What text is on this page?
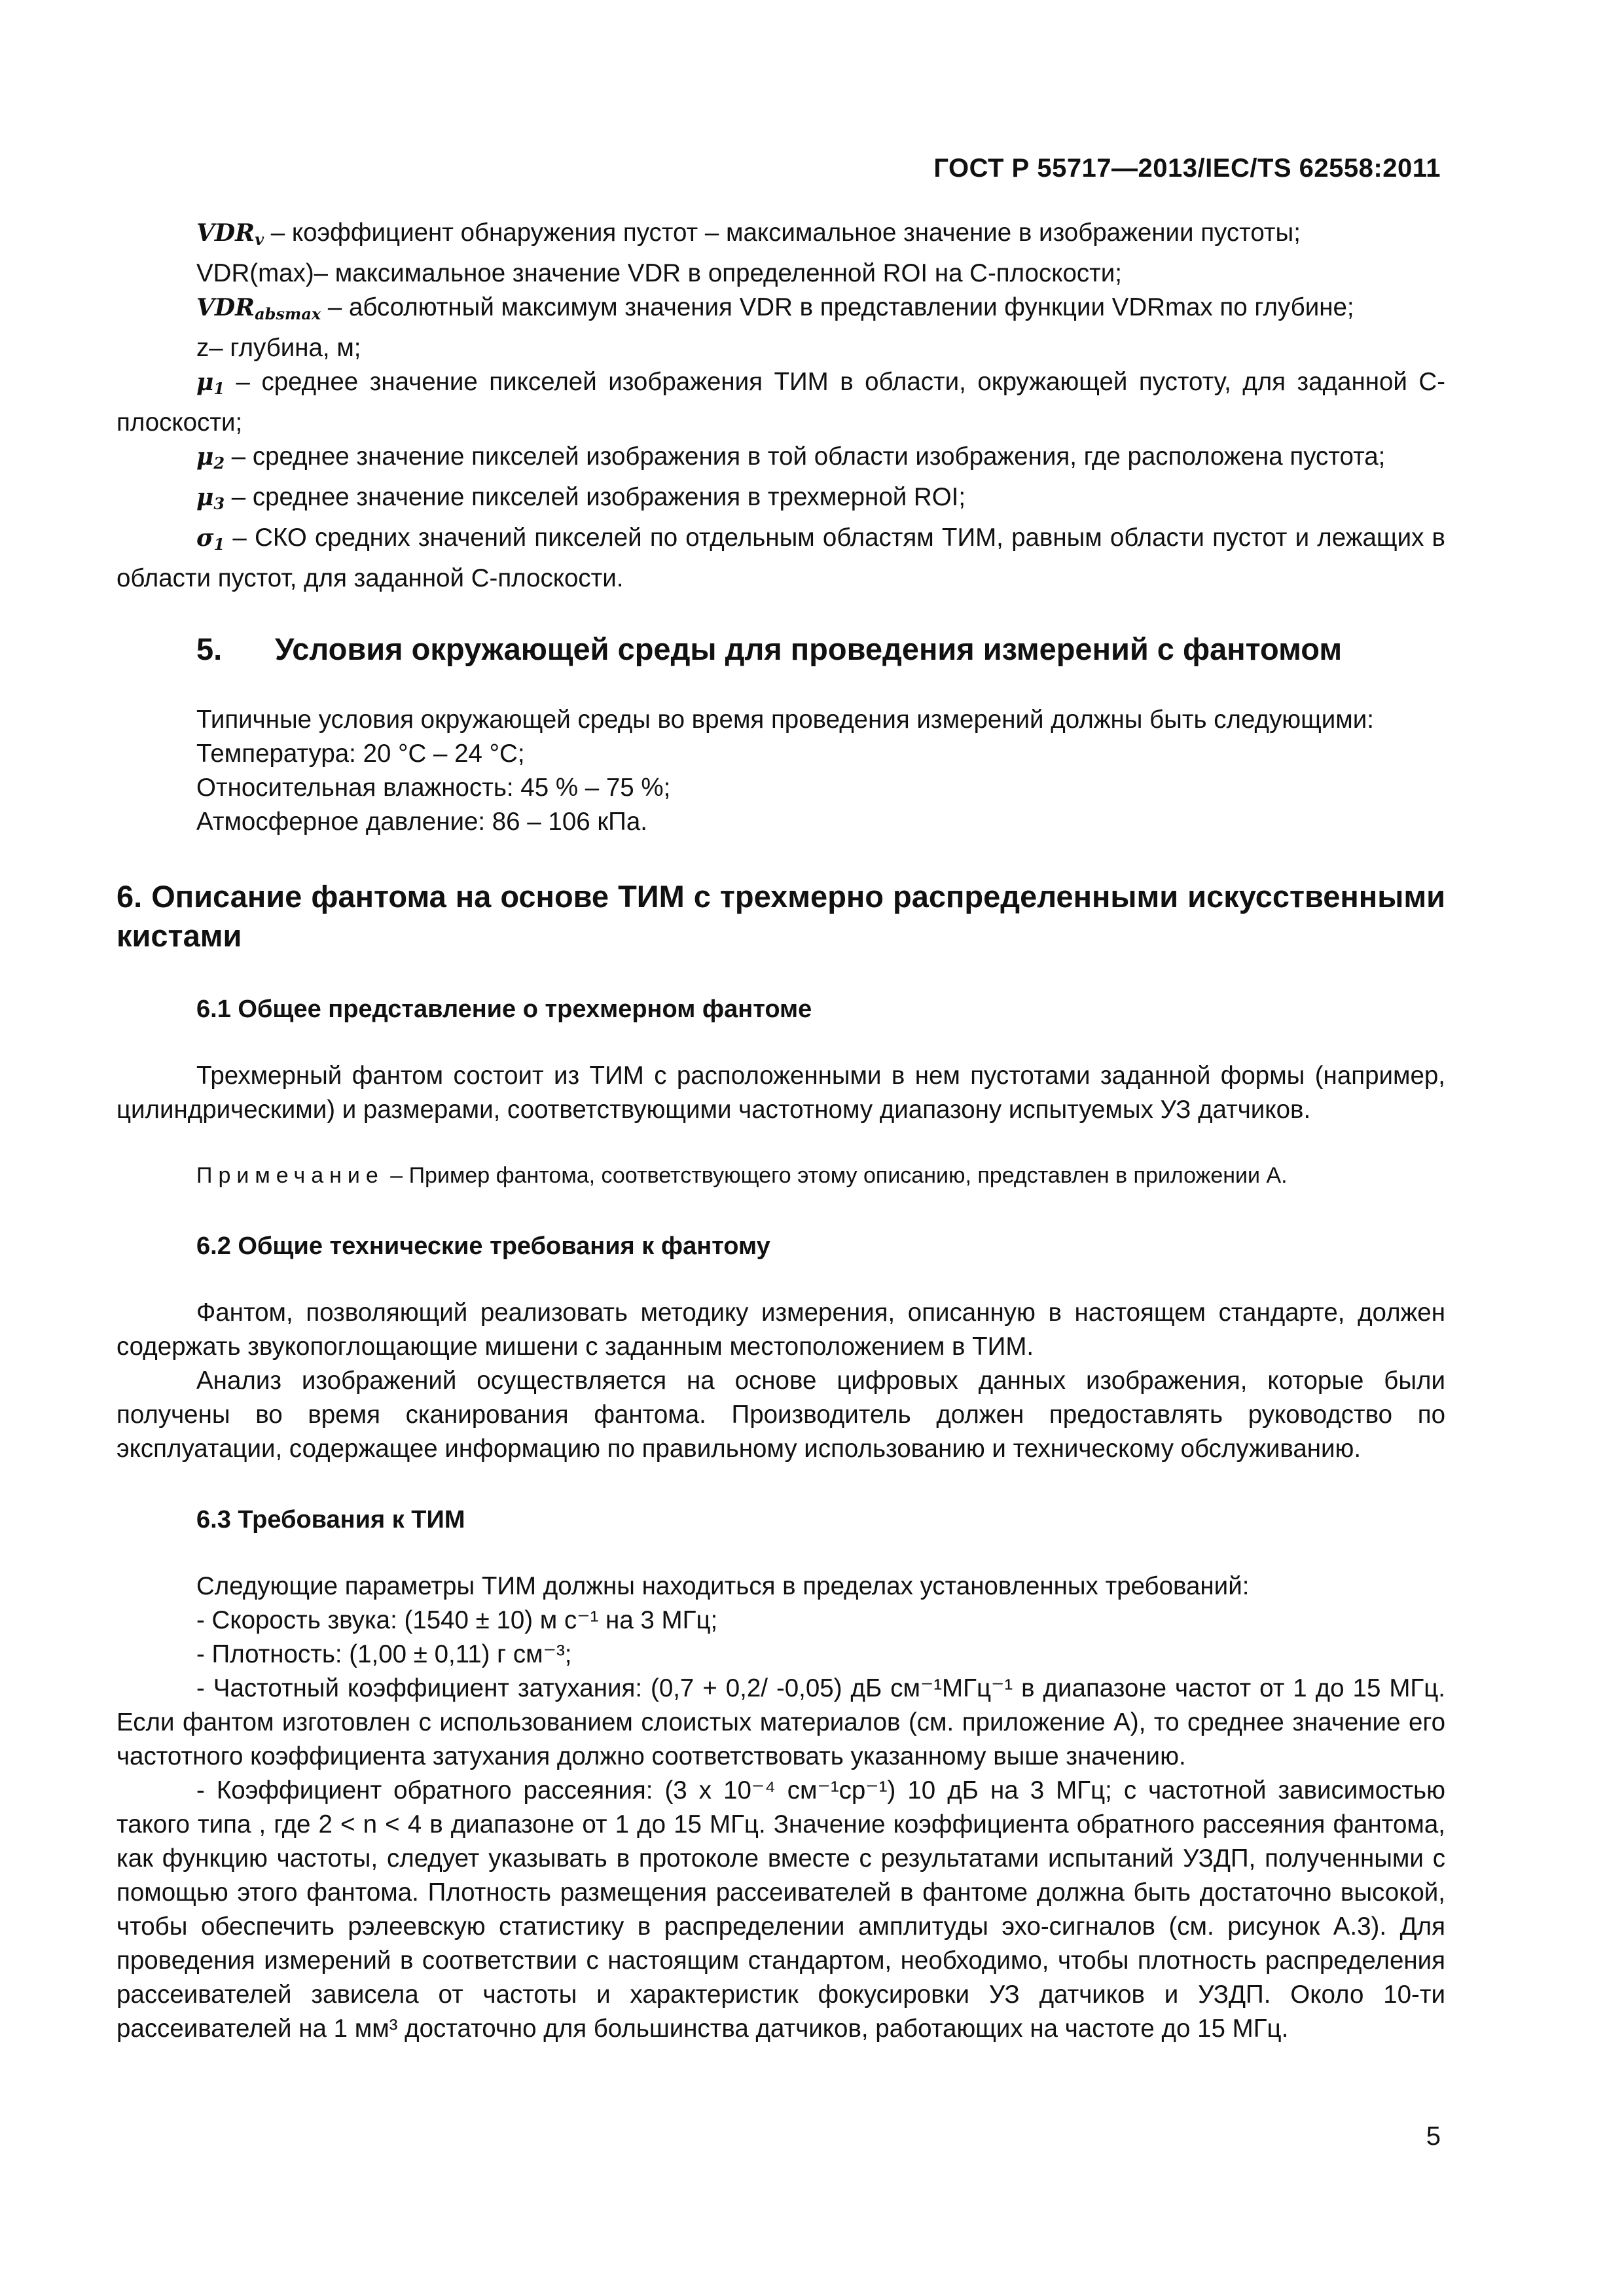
ГОСТ Р 55717—2013/IEC/TS 62558:2011

VDRv – коэффициент обнаружения пустот – максимальное значение в изображении пустоты;

VDR(max)– максимальное значение VDR в определенной ROI на С-плоскости;

VDRabsmax – абсолютный максимум значения VDR в представлении функции VDRmax по глубине;

z– глубина, м;

μ1 – среднее значение пикселей изображения ТИМ в области, окружающей пустоту, для заданной С-плоскости;

μ2 – среднее значение пикселей изображения в той области изображения, где расположена пустота;

μ3 – среднее значение пикселей изображения в трехмерной ROI;

σ1 – СКО средних значений пикселей по отдельным областям ТИМ, равным области пустот и лежащих в области пустот, для заданной С-плоскости.

5.	Условия окружающей среды для проведения измерений с фантомом

Типичные условия окружающей среды во время проведения измерений должны быть следующими:

Температура: 20 °С – 24 °С;

Относительная влажность: 45 % – 75 %;

Атмосферное давление: 86 – 106 кПа.

6. Описание фантома на основе ТИМ с трехмерно распределенными искусственными кистами
6.1 Общее представление о трехмерном фантоме

Трехмерный фантом состоит из ТИМ с расположенными в нем пустотами заданной формы (например, цилиндрическими) и размерами, соответствующими частотному диапазону испытуемых УЗ датчиков.

Примечание – Пример фантома, соответствующего этому описанию, представлен в приложении А.
6.2 Общие технические требования к фантому

Фантом, позволяющий реализовать методику измерения, описанную в настоящем стандарте, должен содержать звукопоглощающие мишени с заданным местоположением в ТИМ.

Анализ изображений осуществляется на основе цифровых данных изображения, которые были получены во время сканирования фантома. Производитель должен предоставлять руководство по эксплуатации, содержащее информацию по правильному использованию и техническому обслуживанию.

6.3 Требования к ТИМ

Следующие параметры ТИМ должны находиться в пределах установленных требований:

- Скорость звука: (1540 ± 10) м с⁻¹ на 3 МГц;

- Плотность: (1,00 ± 0,11) г см⁻³;

- Частотный коэффициент затухания: (0,7 + 0,2/ -0,05) дБ см⁻¹МГц⁻¹ в диапазоне частот от 1 до 15 МГц. Если фантом изготовлен с использованием слоистых материалов (см. приложение А), то среднее значение его частотного коэффициента затухания должно соответствовать указанному выше значению.

- Коэффициент обратного рассеяния: (3 x 10⁻⁴ см⁻¹ср⁻¹) 10 дБ на 3 МГц; с частотной зависимостью такого типа , где 2 < n < 4 в диапазоне от 1 до 15 МГц. Значение коэффициента обратного рассеяния фантома, как функцию частоты, следует указывать в протоколе вместе с результатами испытаний УЗДП, полученными с помощью этого фантома. Плотность размещения рассеивателей в фантоме должна быть достаточно высокой, чтобы обеспечить рэлеевскую статистику в распределении амплитуды эхо-сигналов (см. рисунок А.3). Для проведения измерений в соответствии с настоящим стандартом, необходимо, чтобы плотность распределения рассеивателей зависела от частоты и характеристик фокусировки УЗ датчиков и УЗДП. Около 10-ти рассеивателей на 1 мм³ достаточно для большинства датчиков, работающих на частоте до 15 МГц.

5
